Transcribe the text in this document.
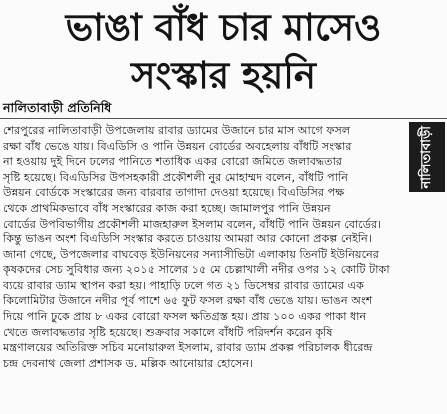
ভাঙা বাঁধ চার মাসেও
সংস্কার হয়নি
নালিতাবাড়ী প্রতিনিধি
নালিতাবাড়ী
শেরপুরের নালিতাবাড়ী উপজেলায় রাবার ড্যামের উজানে চার মাস আগে ফসল
রক্ষা বাঁধ ভেঙে যায়। বিএডিসি ও পানি উন্নয়ন বোর্ডের অবহেলায় বাঁধটি সংস্কার
না হওয়ায় দুই দিনে ঢলের পানিতে শতাধিক একর বোরো জমিতে জলাবদ্ধতার
সৃষ্টি হয়েছে। বিএডিসির উপসহকারী প্রকৌশলী নুর মোহাম্মদ বলেন, বাঁধটি পানি
উন্নয়ন বোর্ডকে সংস্কারের জন্য বারবার তাগাদা দেওয়া হয়েছে। বিএডিসির পক্ষ
থেকে প্রাথমিকভাবে বাঁধ সংস্কারের কাজ করা হচ্ছে। জামালপুর পানি উন্নয়ন
বোর্ডের উপবিভাগীয় প্রকৌশলী মাজহারুল ইসলাম বলেন, বাঁধটি পানি উন্নয়ন বোর্ডের।
কিন্তু ভাঙন অংশ বিএডিসি সংস্কার করতে চাওয়ায় আমরা আর কোনো প্রকল্প নেইনি।
জানা গেছে, উপজেলার বাঘবেড় ইউনিয়নের সন্যাসীভিটা এলাকায় তিনটি ইউনিয়নের
কৃষকদের সেচ সুবিধার জন্য ২০১৫ সালের ১৫ মে চেল্লাখালী নদীর ওপর ১২ কোটি টাকা
ব্যয়ে রাবার ড্যাম স্থাপন করা হয়। পাহাড়ি ঢলে গত ২১ ডিসেম্বর রাবার ড্যামের এক
কিলোমিটার উজানে নদীর পূর্ব পাশে ৬৫ ফুট ফসল রক্ষা বাঁধ ভেঙে যায়। ভাঙন অংশ
দিয়ে পানি ঢুকে প্রায় ৮ একর বোরো ফসল ক্ষতিগ্রস্ত হয়। প্রায় ১০০ একর পাকা ধান
খেতে জলাবদ্ধতার সৃষ্টি হয়েছে। শুক্রবার সকালে বাঁধটি পরিদর্শন করেন কৃষি
মন্ত্রণালয়ের অতিরিক্ত সচিব মনোয়ারুল ইসলাম, রাবার ড্যাম প্রকল্প পরিচালক ধীরেন্দ্র
চন্দ্র দেবনাথ জেলা প্রশাসক ড. মল্লিক আনোয়ার হোসেন।
